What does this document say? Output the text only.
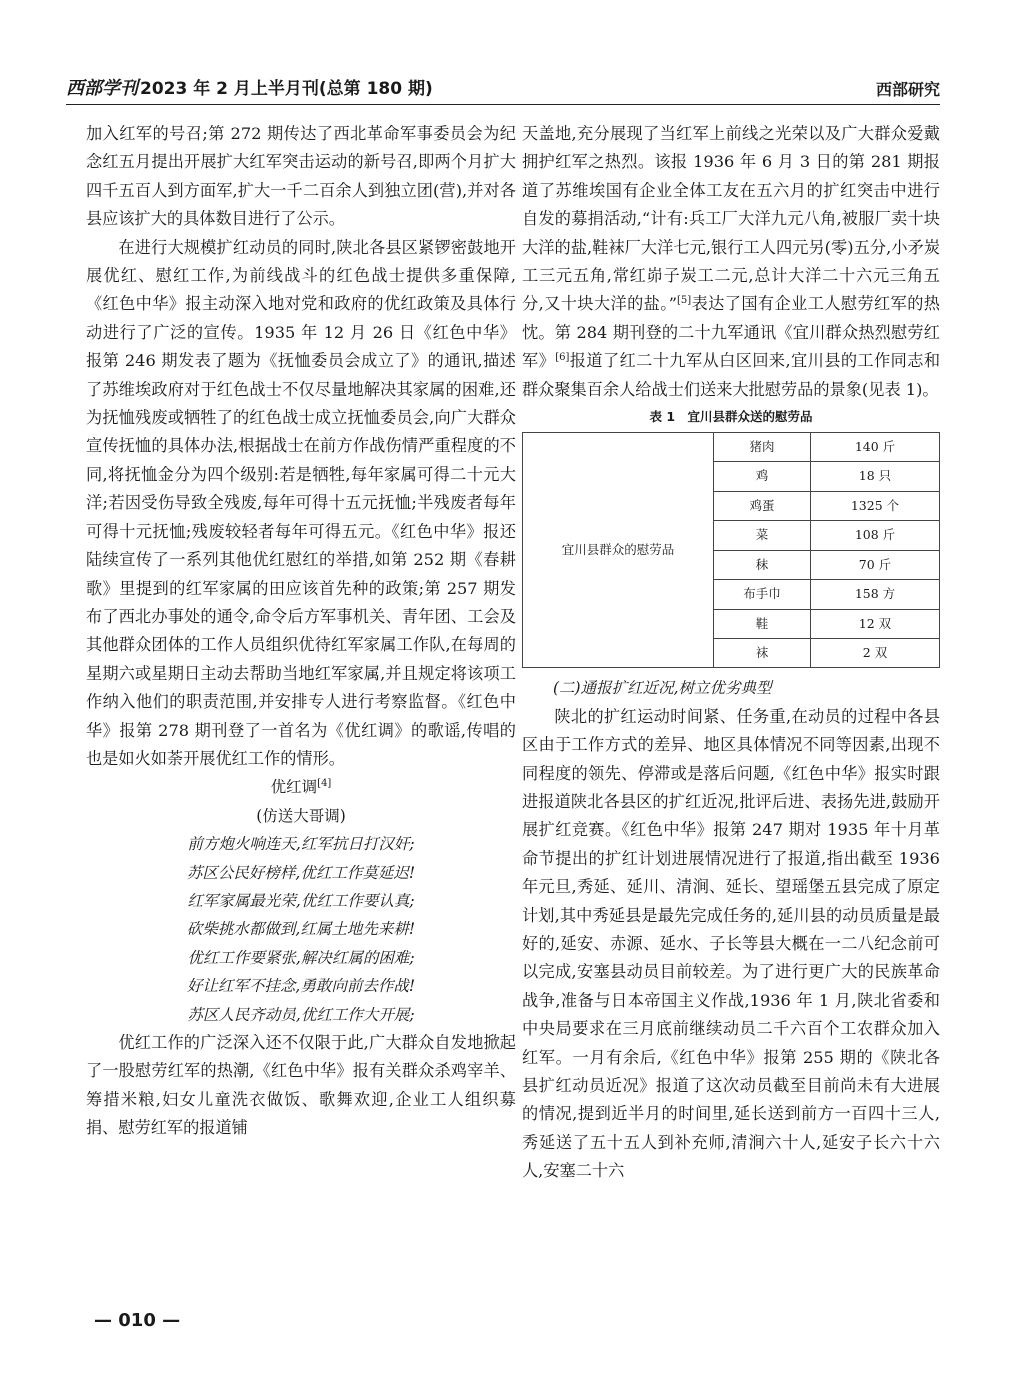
西部学刊 2023 年 2 月上半月刊(总第 180 期)	西部研究

加入红军的号召;第 272 期传达了西北革命军事委员会为纪念红五月提出开展扩大红军突击运动的新号召,即两个月扩大四千五百人到方面军,扩大一千二百余人到独立团(营),并对各县应该扩大的具体数目进行了公示。

在进行大规模扩红动员的同时,陕北各县区紧锣密鼓地开展优红、慰红工作,为前线战斗的红色战士提供多重保障,《红色中华》报主动深入地对党和政府的优红政策及具体行动进行了广泛的宣传。1935 年 12 月 26 日《红色中华》报第 246 期发表了题为《抚恤委员会成立了》的通讯,描述了苏维埃政府对于红色战士不仅尽量地解决其家属的困难,还为抚恤残废或牺牲了的红色战士成立抚恤委员会,向广大群众宣传抚恤的具体办法,根据战士在前方作战伤情严重程度的不同,将抚恤金分为四个级别:若是牺牲,每年家属可得二十元大洋;若因受伤导致全残废,每年可得十五元抚恤;半残废者每年可得十元抚恤;残废较轻者每年可得五元。《红色中华》报还陆续宣传了一系列其他优红慰红的举措,如第 252 期《春耕歌》里提到的红军家属的田应该首先种的政策;第 257 期发布了西北办事处的通令,命令后方军事机关、青年团、工会及其他群众团体的工作人员组织优待红军家属工作队,在每周的星期六或星期日主动去帮助当地红军家属,并且规定将该项工作纳入他们的职责范围,并安排专人进行考察监督。《红色中华》报第 278 期刊登了一首名为《优红调》的歌谣,传唱的也是如火如荼开展优红工作的情形。

优红调[4]
(仿送大哥调)
前方炮火响连天,红军抗日打汉奸;
苏区公民好榜样,优红工作莫延迟!
红军家属最光荣,优红工作要认真;
砍柴挑水都做到,红属土地先来耕!
优红工作要紧张,解决红属的困难;
好让红军不挂念,勇敢向前去作战!
苏区人民齐动员,优红工作大开展;

优红工作的广泛深入还不仅限于此,广大群众自发地掀起了一股慰劳红军的热潮,《红色中华》报有关群众杀鸡宰羊、筹措米粮,妇女儿童洗衣做饭、歌舞欢迎,企业工人组织募捐、慰劳红军的报道铺

天盖地,充分展现了当红军上前线之光荣以及广大群众爱戴拥护红军之热烈。该报 1936 年 6 月 3 日的第 281 期报道了苏维埃国有企业全体工友在五六月的扩红突击中进行自发的募捐活动,“计有:兵工厂大洋九元八角,被服厂卖十块大洋的盐,鞋袜厂大洋七元,银行工人四元另(零)五分,小矛炭工三元五角,常红峁子炭工二元,总计大洋二十六元三角五分,又十块大洋的盐。”[5]表达了国有企业工人慰劳红军的热忱。第 284 期刊登的二十九军通讯《宜川群众热烈慰劳红军》[6]报道了红二十九军从白区回来,宜川县的工作同志和群众聚集百余人给战士们送来大批慰劳品的景象(见表 1)。

表 1　宜川县群众送的慰劳品
宜川县群众的慰劳品	猪肉	140 斤
	鸡	18 只
	鸡蛋	1325 个
	菜	108 斤
	秣	70 斤
	布手巾	158 方
	鞋	12 双
	袜	2 双

(二)通报扩红近况,树立优劣典型

陕北的扩红运动时间紧、任务重,在动员的过程中各县区由于工作方式的差异、地区具体情况不同等因素,出现不同程度的领先、停滞或是落后问题,《红色中华》报实时跟进报道陕北各县区的扩红近况,批评后进、表扬先进,鼓励开展扩红竞赛。《红色中华》报第 247 期对 1935 年十月革命节提出的扩红计划进展情况进行了报道,指出截至 1936 年元旦,秀延、延川、清涧、延长、望瑶堡五县完成了原定计划,其中秀延县是最先完成任务的,延川县的动员质量是最好的,延安、赤源、延水、子长等县大概在一二八纪念前可以完成,安塞县动员目前较差。为了进行更广大的民族革命战争,准备与日本帝国主义作战,1936 年 1 月,陕北省委和中央局要求在三月底前继续动员二千六百个工农群众加入红军。一月有余后,《红色中华》报第 255 期的《陕北各县扩红动员近况》报道了这次动员截至目前尚未有大进展的情况,提到近半月的时间里,延长送到前方一百四十三人,秀延送了五十五人到补充师,清涧六十人,延安子长六十六人,安塞二十六

— 010 —
